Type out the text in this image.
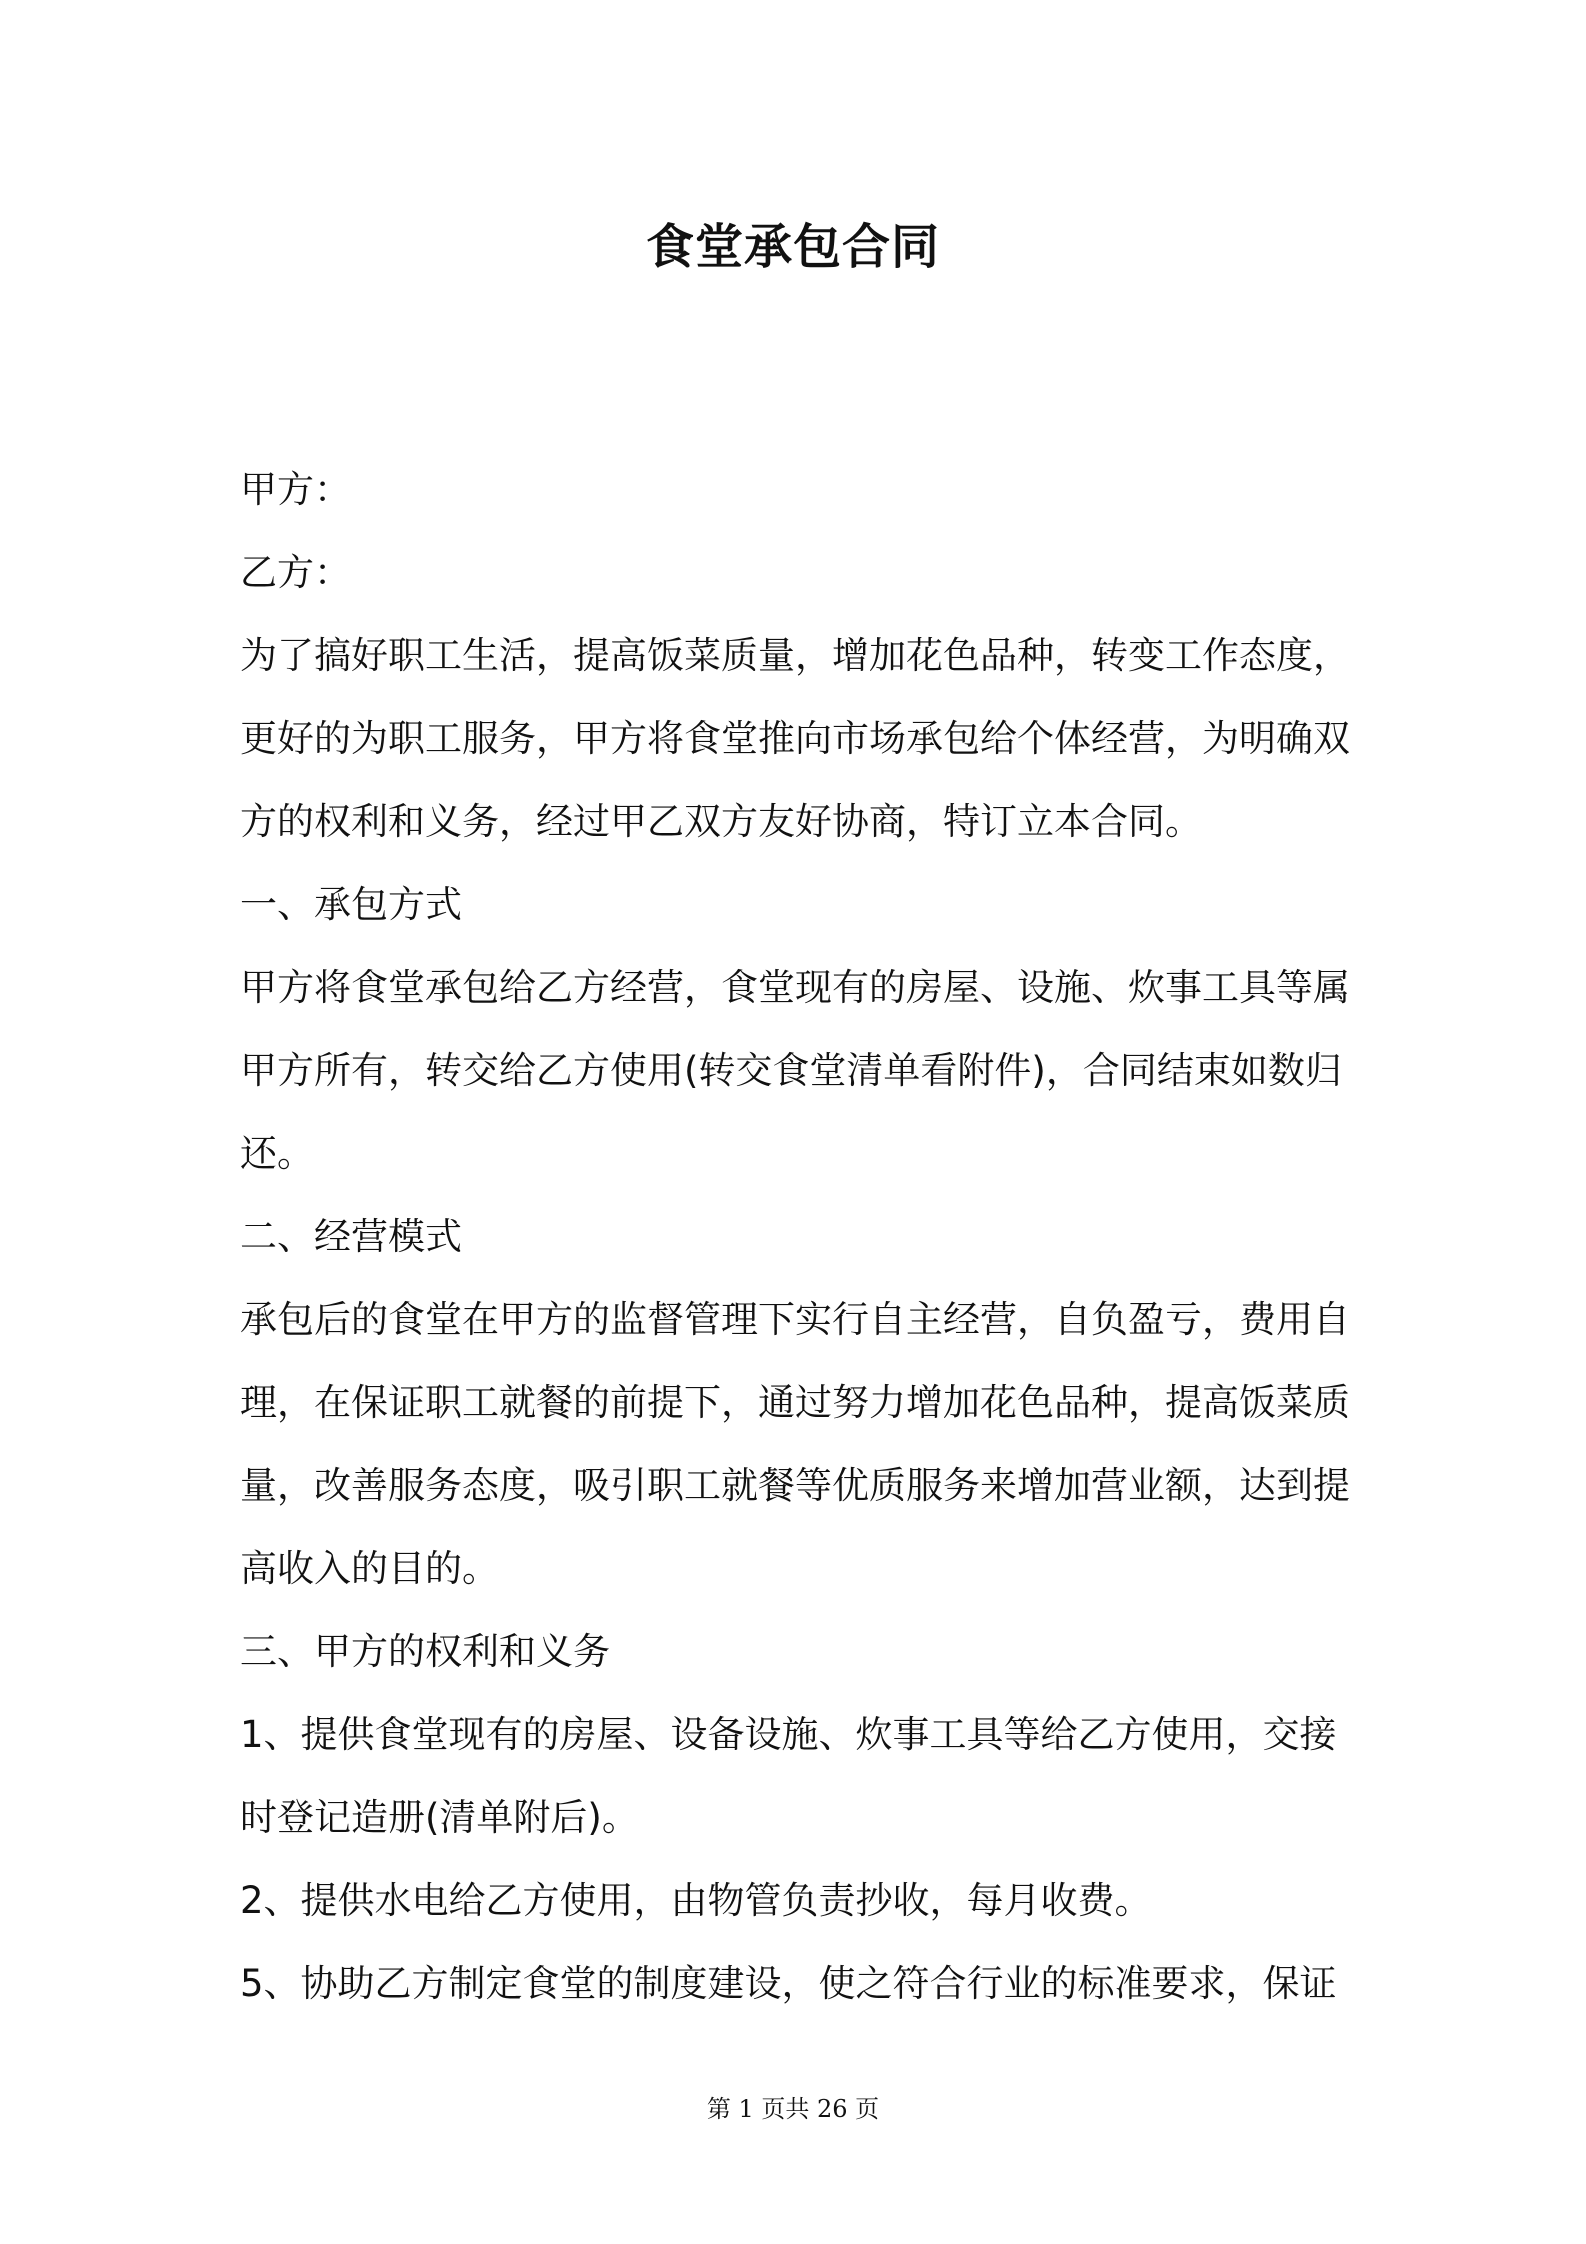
食堂承包合同
甲方：
乙方：
为了搞好职工生活，提高饭菜质量，增加花色品种，转变工作态度，
更好的为职工服务，甲方将食堂推向市场承包给个体经营，为明确双
方的权利和义务，经过甲乙双方友好协商，特订立本合同。
一、承包方式
甲方将食堂承包给乙方经营，食堂现有的房屋、设施、炊事工具等属
甲方所有，转交给乙方使用(转交食堂清单看附件)，合同结束如数归
还。
二、经营模式
承包后的食堂在甲方的监督管理下实行自主经营，自负盈亏，费用自
理，在保证职工就餐的前提下，通过努力增加花色品种，提高饭菜质
量，改善服务态度，吸引职工就餐等优质服务来增加营业额，达到提
高收入的目的。
三、甲方的权利和义务
1、提供食堂现有的房屋、设备设施、炊事工具等给乙方使用，交接
时登记造册(清单附后)。
2、提供水电给乙方使用，由物管负责抄收，每月收费。
5、协助乙方制定食堂的制度建设，使之符合行业的标准要求，保证
第 1 页共 26 页
